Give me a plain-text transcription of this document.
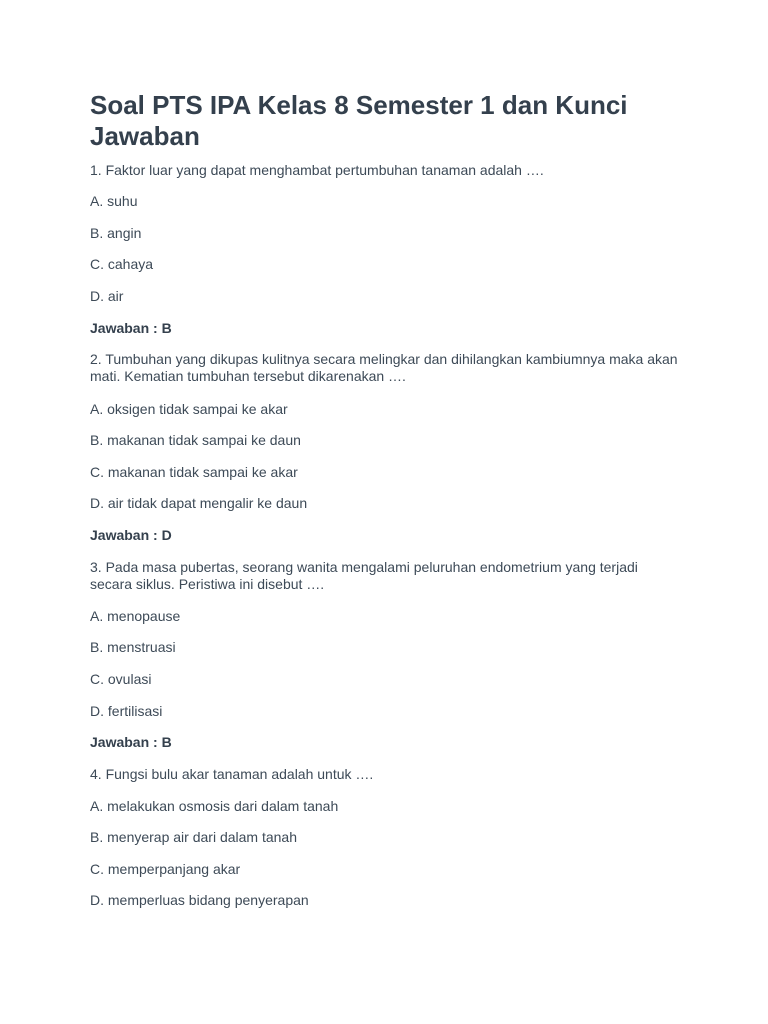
Soal PTS IPA Kelas 8 Semester 1 dan Kunci Jawaban

1. Faktor luar yang dapat menghambat pertumbuhan tanaman adalah ….

A. suhu

B. angin

C. cahaya

D. air

Jawaban : B

2. Tumbuhan yang dikupas kulitnya secara melingkar dan dihilangkan kambiumnya maka akan mati. Kematian tumbuhan tersebut dikarenakan ….

A. oksigen tidak sampai ke akar

B. makanan tidak sampai ke daun

C. makanan tidak sampai ke akar

D. air tidak dapat mengalir ke daun

Jawaban : D

3. Pada masa pubertas, seorang wanita mengalami peluruhan endometrium yang terjadi secara siklus. Peristiwa ini disebut ….

A. menopause

B. menstruasi

C. ovulasi

D. fertilisasi

Jawaban : B

4. Fungsi bulu akar tanaman adalah untuk ….

A. melakukan osmosis dari dalam tanah

B. menyerap air dari dalam tanah

C. memperpanjang akar

D. memperluas bidang penyerapan
